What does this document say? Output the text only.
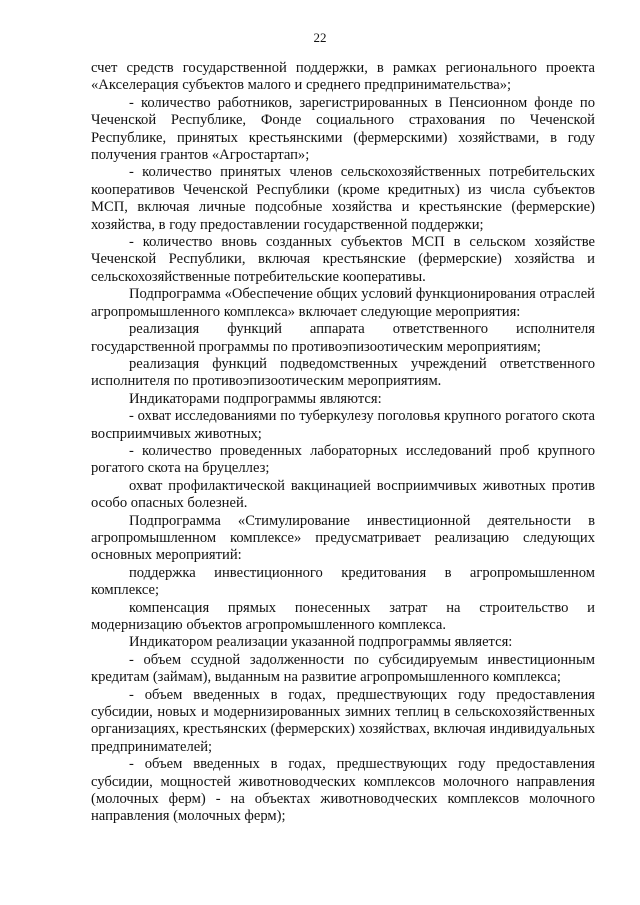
22

счет средств государственной поддержки, в рамках регионального проекта «Акселерация субъектов малого и среднего предпринимательства»;

- количество работников, зарегистрированных в Пенсионном фонде по Чеченской Республике, Фонде социального страхования по Чеченской Республике, принятых крестьянскими (фермерскими) хозяйствами, в году получения грантов «Агростартап»;

- количество принятых членов сельскохозяйственных потребительских кооперативов Чеченской Республики (кроме кредитных) из числа субъектов МСП, включая личные подсобные хозяйства и крестьянские (фермерские) хозяйства, в году предоставлении государственной поддержки;

- количество вновь созданных субъектов МСП в сельском хозяйстве Чеченской Республики, включая крестьянские (фермерские) хозяйства и сельскохозяйственные потребительские кооперативы.

Подпрограмма «Обеспечение общих условий функционирования отраслей агропромышленного комплекса» включает следующие мероприятия:

реализация функций аппарата ответственного исполнителя государственной программы по противоэпизоотическим мероприятиям;

реализация функций подведомственных учреждений ответственного исполнителя по противоэпизоотическим мероприятиям.

Индикаторами подпрограммы являются:

- охват исследованиями по туберкулезу поголовья крупного рогатого скота восприимчивых животных;

- количество проведенных лабораторных исследований проб крупного рогатого скота на бруцеллез;

охват профилактической вакцинацией восприимчивых животных против особо опасных болезней.

Подпрограмма «Стимулирование инвестиционной деятельности в агропромышленном комплексе» предусматривает реализацию следующих основных мероприятий:

поддержка инвестиционного кредитования в агропромышленном комплексе;

компенсация прямых понесенных затрат на строительство и модернизацию объектов агропромышленного комплекса.

Индикатором реализации указанной подпрограммы является:

- объем ссудной задолженности по субсидируемым инвестиционным кредитам (займам), выданным на развитие агропромышленного комплекса;

- объем введенных в годах, предшествующих году предоставления субсидии, новых и модернизированных зимних теплиц в сельскохозяйственных организациях, крестьянских (фермерских) хозяйствах, включая индивидуальных предпринимателей;

- объем введенных в годах, предшествующих году предоставления субсидии, мощностей животноводческих комплексов молочного направления (молочных ферм) - на объектах животноводческих комплексов молочного направления (молочных ферм);
